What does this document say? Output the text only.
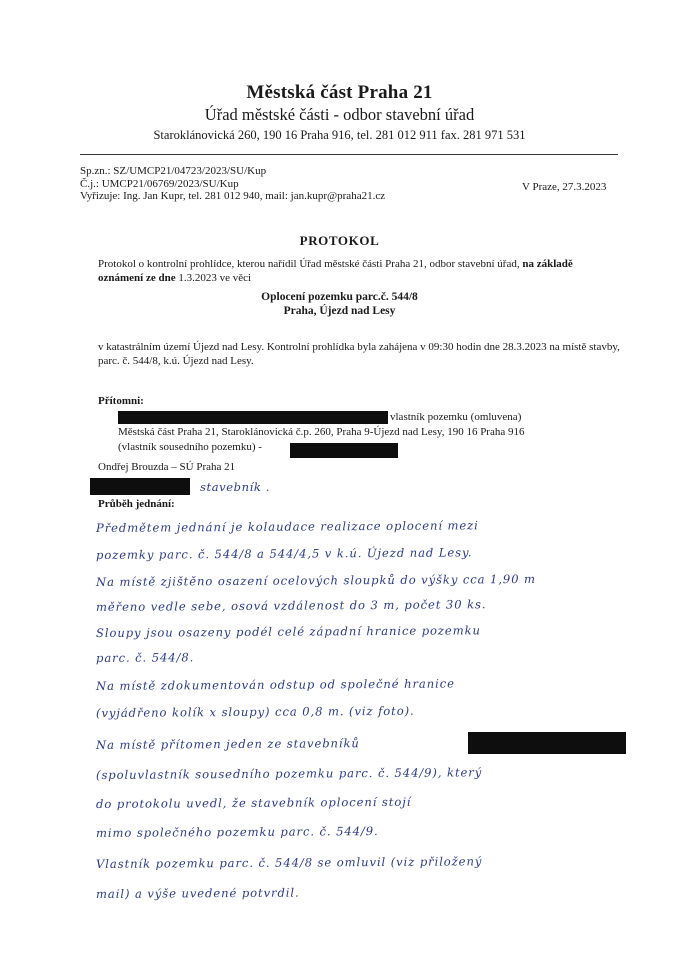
Městská část Praha 21
Úřad městské části - odbor stavební úřad
Staroklánovická 260, 190 16 Praha 916, tel. 281 012 911 fax. 281 971 531
Sp.zn.: SZ/UMCP21/04723/2023/SU/Kup
Č.j.: UMCP21/06769/2023/SU/Kup
Vyřizuje: Ing. Jan Kupr, tel. 281 012 940, mail: jan.kupr@praha21.cz
V Praze, 27.3.2023
PROTOKOL
Protokol o kontrolní prohlídce, kterou nařídil Úřad městské části Praha 21, odbor stavební úřad, na základě oznámení ze dne 1.3.2023 ve věci
Oplocení pozemku parc.č. 544/8
Praha, Újezd nad Lesy
v katastrálním území Újezd nad Lesy. Kontrolní prohlídka byla zahájena v 09:30 hodin dne 28.3.2023 na místě stavby, parc. č. 544/8, k.ú. Újezd nad Lesy.
Přítomni:
vlastník pozemku (omluvena)
Městská část Praha 21, Staroklánovická č.p. 260, Praha 9-Újezd nad Lesy, 190 16 Praha 916
(vlastník sousedního pozemku) -
Ondřej Brouzda – SÚ Praha 21
stavebník .
Průběh jednání:
Předmětem jednání je kolaudace realizace oplocení mezi
pozemky parc. č. 544/8 a 544/4,5 v k.ú. Újezd nad Lesy.
Na místě zjištěno osazení ocelových sloupků do výšky cca 1,90 m
měřeno vedle sebe, osová vzdálenost do 3 m, počet 30 ks.
Sloupy jsou osazeny podél celé západní hranice pozemku
parc. č. 544/8.
Na místě zdokumentován odstup od společné hranice
(vyjádřeno kolík x sloupy) cca 0,8 m. (viz foto).
Na místě přítomen jeden ze stavebníků
(spoluvlastník sousedního pozemku parc. č. 544/9), který
do protokolu uvedl, že stavebník oplocení stojí
mimo společného pozemku parc. č. 544/9.
Vlastník pozemku parc. č. 544/8 se omluvil (viz přiložený
mail) a výše uvedené potvrdil.
